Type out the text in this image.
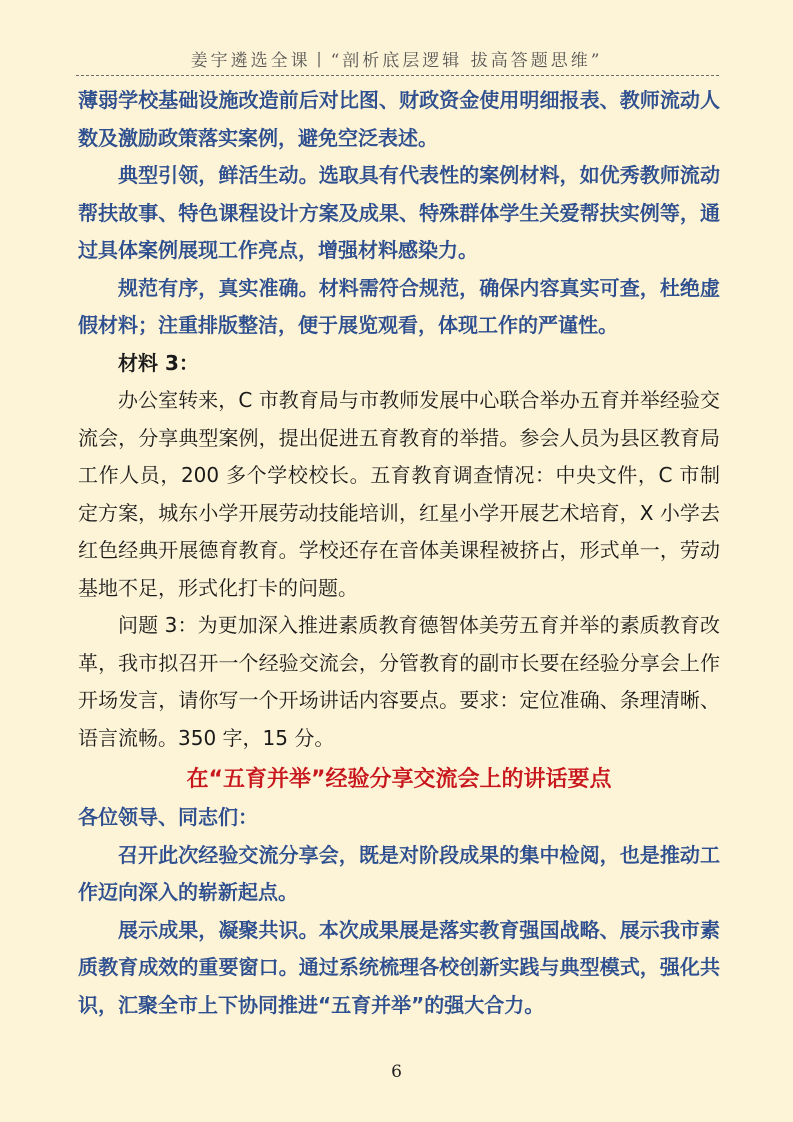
姜宇遴选全课丨“剖析底层逻辑 拔高答题思维”

薄弱学校基础设施改造前后对比图、财政资金使用明细报表、教师流动人数及激励政策落实案例，避免空泛表述。

典型引领，鲜活生动。选取具有代表性的案例材料，如优秀教师流动帮扶故事、特色课程设计方案及成果、特殊群体学生关爱帮扶实例等，通过具体案例展现工作亮点，增强材料感染力。

规范有序，真实准确。材料需符合规范，确保内容真实可查，杜绝虚假材料；注重排版整洁，便于展览观看，体现工作的严谨性。

材料 3：

办公室转来，C 市教育局与市教师发展中心联合举办五育并举经验交流会，分享典型案例，提出促进五育教育的举措。参会人员为县区教育局工作人员，200 多个学校校长。五育教育调查情况：中央文件，C 市制定方案，城东小学开展劳动技能培训，红星小学开展艺术培育，X 小学去红色经典开展德育教育。学校还存在音体美课程被挤占，形式单一，劳动基地不足，形式化打卡的问题。

问题 3：为更加深入推进素质教育德智体美劳五育并举的素质教育改革，我市拟召开一个经验交流会，分管教育的副市长要在经验分享会上作开场发言，请你写一个开场讲话内容要点。要求：定位准确、条理清晰、语言流畅。350 字，15 分。

在“五育并举”经验分享交流会上的讲话要点

各位领导、同志们：

召开此次经验交流分享会，既是对阶段成果的集中检阅，也是推动工作迈向深入的崭新起点。

展示成果，凝聚共识。本次成果展是落实教育强国战略、展示我市素质教育成效的重要窗口。通过系统梳理各校创新实践与典型模式，强化共识，汇聚全市上下协同推进“五育并举”的强大合力。

6
